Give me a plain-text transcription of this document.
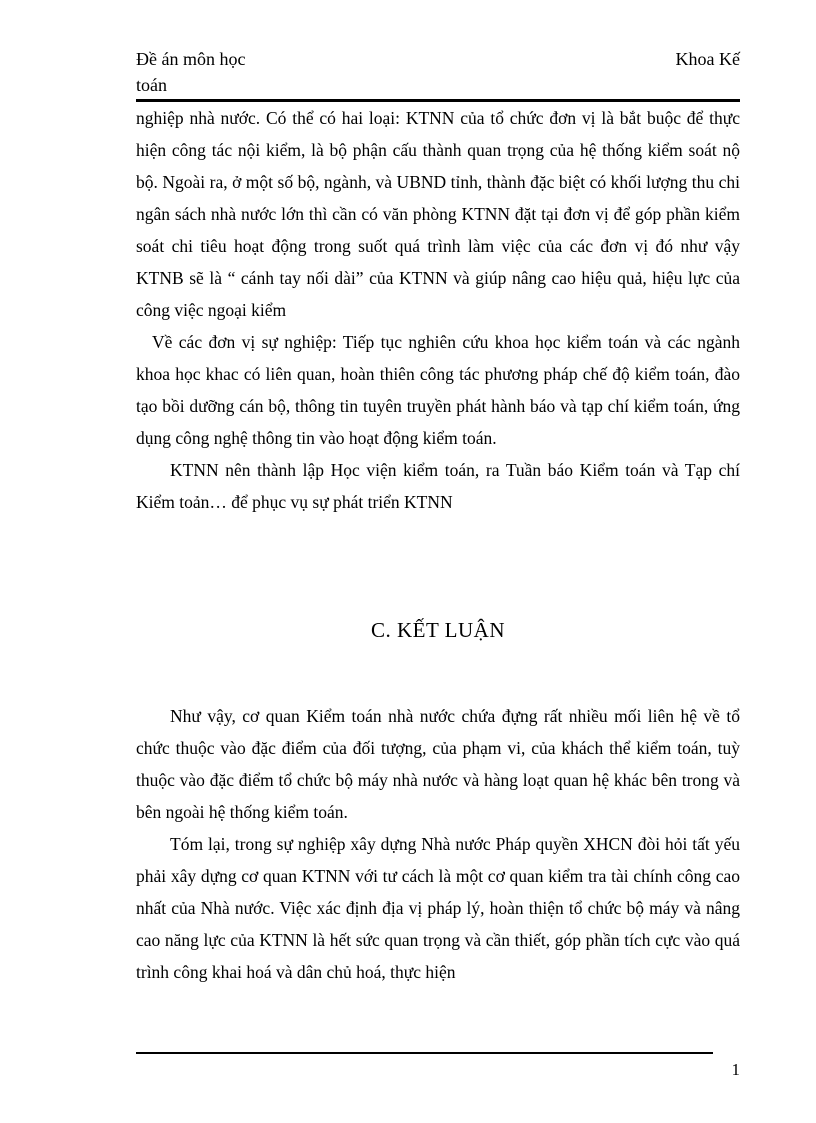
Đề án môn học	Khoa Kế
toán

nghiệp nhà nước. Có thể có hai loại: KTNN của tổ chức đơn vị là bắt buộc để thực hiện công tác nội kiểm, là bộ phận cấu thành quan trọng của hệ thống kiểm soát nộ bộ. Ngoài ra, ở một số bộ, ngành, và UBND tỉnh, thành đặc biệt có khối lượng thu chi ngân sách nhà nước lớn thì cần có văn phòng KTNN đặt tại đơn vị để góp phần kiểm soát chi tiêu hoạt động trong suốt quá trình làm việc của các đơn vị đó như vậy KTNB sẽ là “ cánh tay nối dài” của KTNN và giúp nâng cao hiệu quả, hiệu lực của công việc ngoại kiểm

Về các đơn vị sự nghiệp: Tiếp tục nghiên cứu khoa học kiểm toán và các ngành khoa học khac có liên quan, hoàn thiên công tác phương pháp chế độ kiểm toán, đào tạo bồi dưỡng cán bộ, thông tin tuyên truyền phát hành báo và tạp chí kiểm toán, ứng dụng công nghệ thông tin vào hoạt động kiểm toán.

KTNN nên thành lập Học viện kiểm toán, ra Tuần báo Kiểm toán và Tạp chí Kiểm toản… để phục vụ sự phát triển KTNN

C. KẾT LUẬN

Như vậy, cơ quan Kiểm toán nhà nước chứa đựng rất nhiều mối liên hệ về tổ chức thuộc vào đặc điểm của đối tượng, của phạm vi, của khách thể kiểm toán, tuỳ thuộc vào đặc điểm tổ chức bộ máy nhà nước và hàng loạt quan hệ khác bên trong và bên ngoài hệ thống kiểm toán.

Tóm lại, trong sự nghiệp xây dựng Nhà nước Pháp quyền XHCN đòi hỏi tất yếu phải xây dựng cơ quan KTNN với tư cách là một cơ quan kiểm tra tài chính công cao nhất của Nhà nước. Việc xác định địa vị pháp lý, hoàn thiện tổ chức bộ máy và nâng cao năng lực của KTNN là hết sức quan trọng và cần thiết, góp phần tích cực vào quá trình công khai hoá và dân chủ hoá, thực hiện

1
